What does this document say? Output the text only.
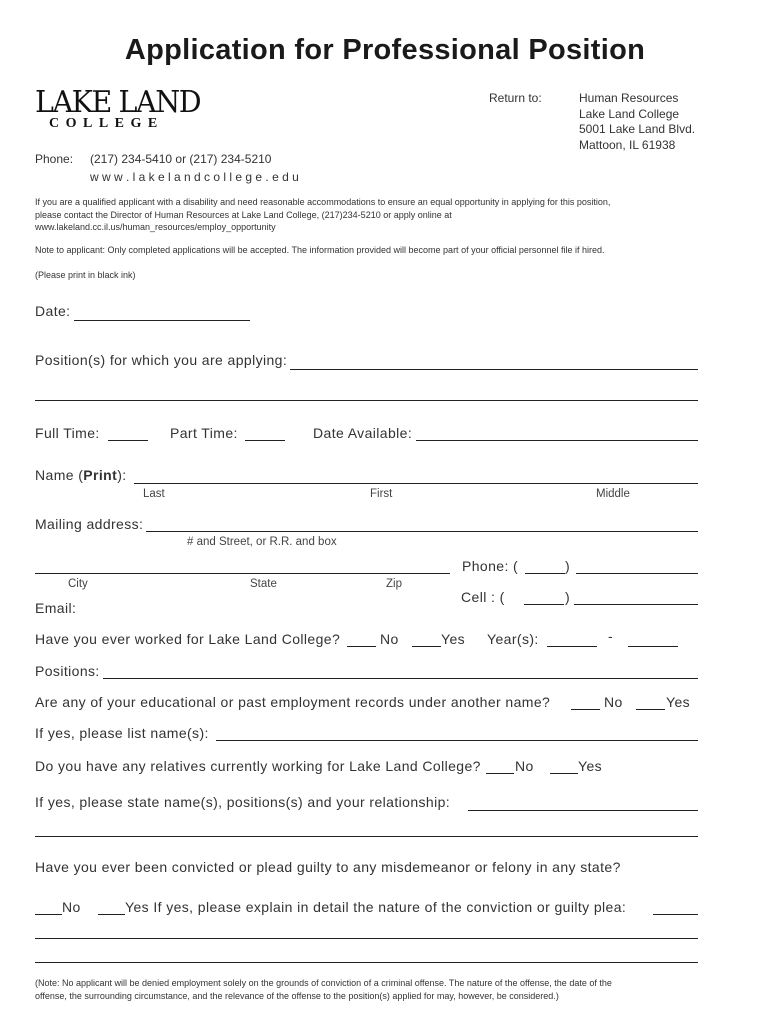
Application for Professional Position
LAKE LAND
COLLEGE
Return to:	Human Resources
Lake Land College
5001 Lake Land Blvd.
Mattoon, IL 61938
Phone: (217) 234-5410 or (217) 234-5210
w w w . l a k e l a n d c o l l e g e . e d u
If you are a qualified applicant with a disability and need reasonable accommodations to ensure an equal opportunity in applying for this position,
please contact the Director of Human Resources at Lake Land College, (217)234-5210 or apply online at
www.lakeland.cc.il.us/human_resources/employ_opportunity
Note to applicant: Only completed applications will be accepted. The information provided will become part of your official personnel file if hired.
(Please print in black ink)
Date:
Position(s) for which you are applying:
Full Time:	Part Time:	Date Available:
Name (Print):
Last	First	Middle
Mailing address:
# and Street, or R.R. and box
City	State	Zip
Phone: (	)
Email:
Cell : (	)
Have you ever worked for Lake Land College?	No	Yes Year(s):	-
Positions:
Are any of your educational or past employment records under another name?	No	Yes
If yes, please list name(s):
Do you have any relatives currently working for Lake Land College? No	Yes
If yes, please state name(s), positions(s) and your relationship:
Have you ever been convicted or plead guilty to any misdemeanor or felony in any state?
No	Yes If yes, please explain in detail the nature of the conviction or guilty plea:
(Note: No applicant will be denied employment solely on the grounds of conviction of a criminal offense. The nature of the offense, the date of the
offense, the surrounding circumstance, and the relevance of the offense to the position(s) applied for may, however, be considered.)
